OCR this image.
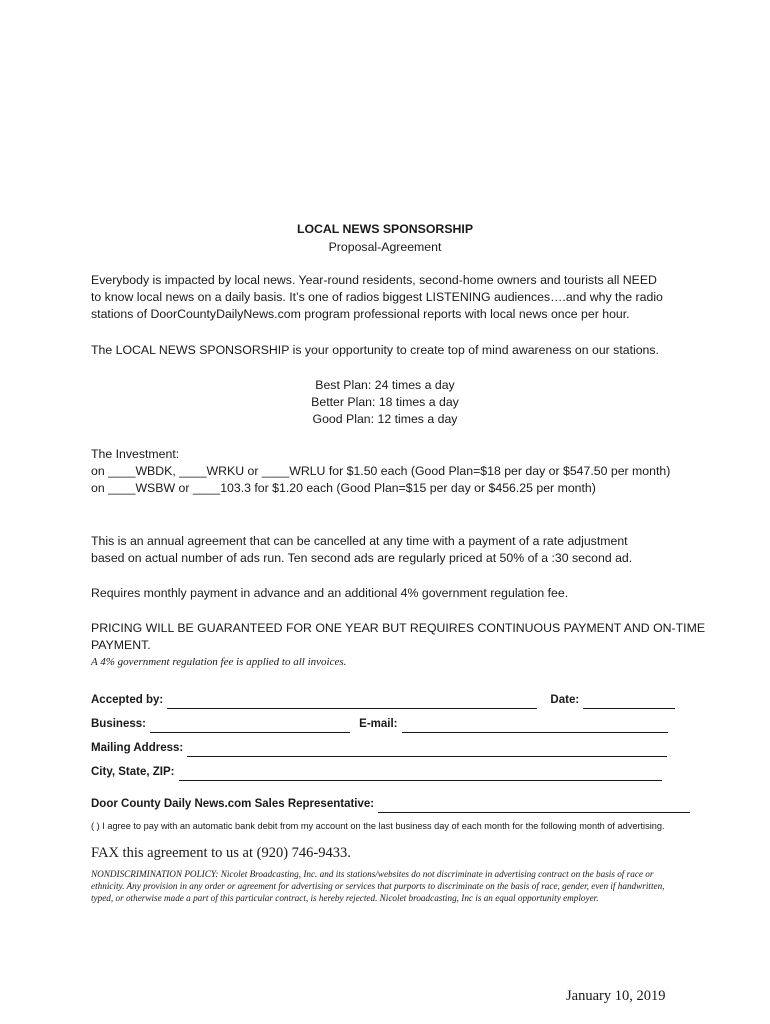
LOCAL NEWS SPONSORSHIP
Proposal-Agreement
Everybody is impacted by local news. Year-round residents, second-home owners and tourists all NEED
to know local news on a daily basis. It’s one of radios biggest LISTENING audiences….and why the radio
stations of DoorCountyDailyNews.com program professional reports with local news once per hour.
The LOCAL NEWS SPONSORSHIP is your opportunity to create top of mind awareness on our stations.
Best Plan: 24 times a day
Better Plan: 18 times a day
Good Plan: 12 times a day
The Investment:
on ____WBDK, ____WRKU or ____WRLU for $1.50 each (Good Plan=$18 per day or $547.50 per month)
on ____WSBW or ____103.3 for $1.20 each (Good Plan=$15 per day or $456.25 per month)
This is an annual agreement that can be cancelled at any time with a payment of a rate adjustment
based on actual number of ads run. Ten second ads are regularly priced at 50% of a :30 second ad.
Requires monthly payment in advance and an additional 4% government regulation fee.
PRICING WILL BE GUARANTEED FOR ONE YEAR BUT REQUIRES CONTINUOUS PAYMENT AND ON-TIME
PAYMENT.
A 4% government regulation fee is applied to all invoices.
Accepted by:	Date:
Business:	E-mail:
Mailing Address:
City, State, ZIP:
Door County Daily News.com Sales Representative:
( ) I agree to pay with an automatic bank debit from my account on the last business day of each month for the following month of advertising.
FAX this agreement to us at (920) 746-9433.
NONDISCRIMINATION POLICY: Nicolet Broadcasting, Inc. and its stations/websites do not discriminate in advertising contract on the basis of race or ethnicity. Any provision in any order or agreement for advertising or services that purports to discriminate on the basis of race, gender, even if handwritten, typed, or otherwise made a part of this particular contract, is hereby rejected. Nicolet broadcasting, Inc is an equal opportunity employer.
January 10, 2019
